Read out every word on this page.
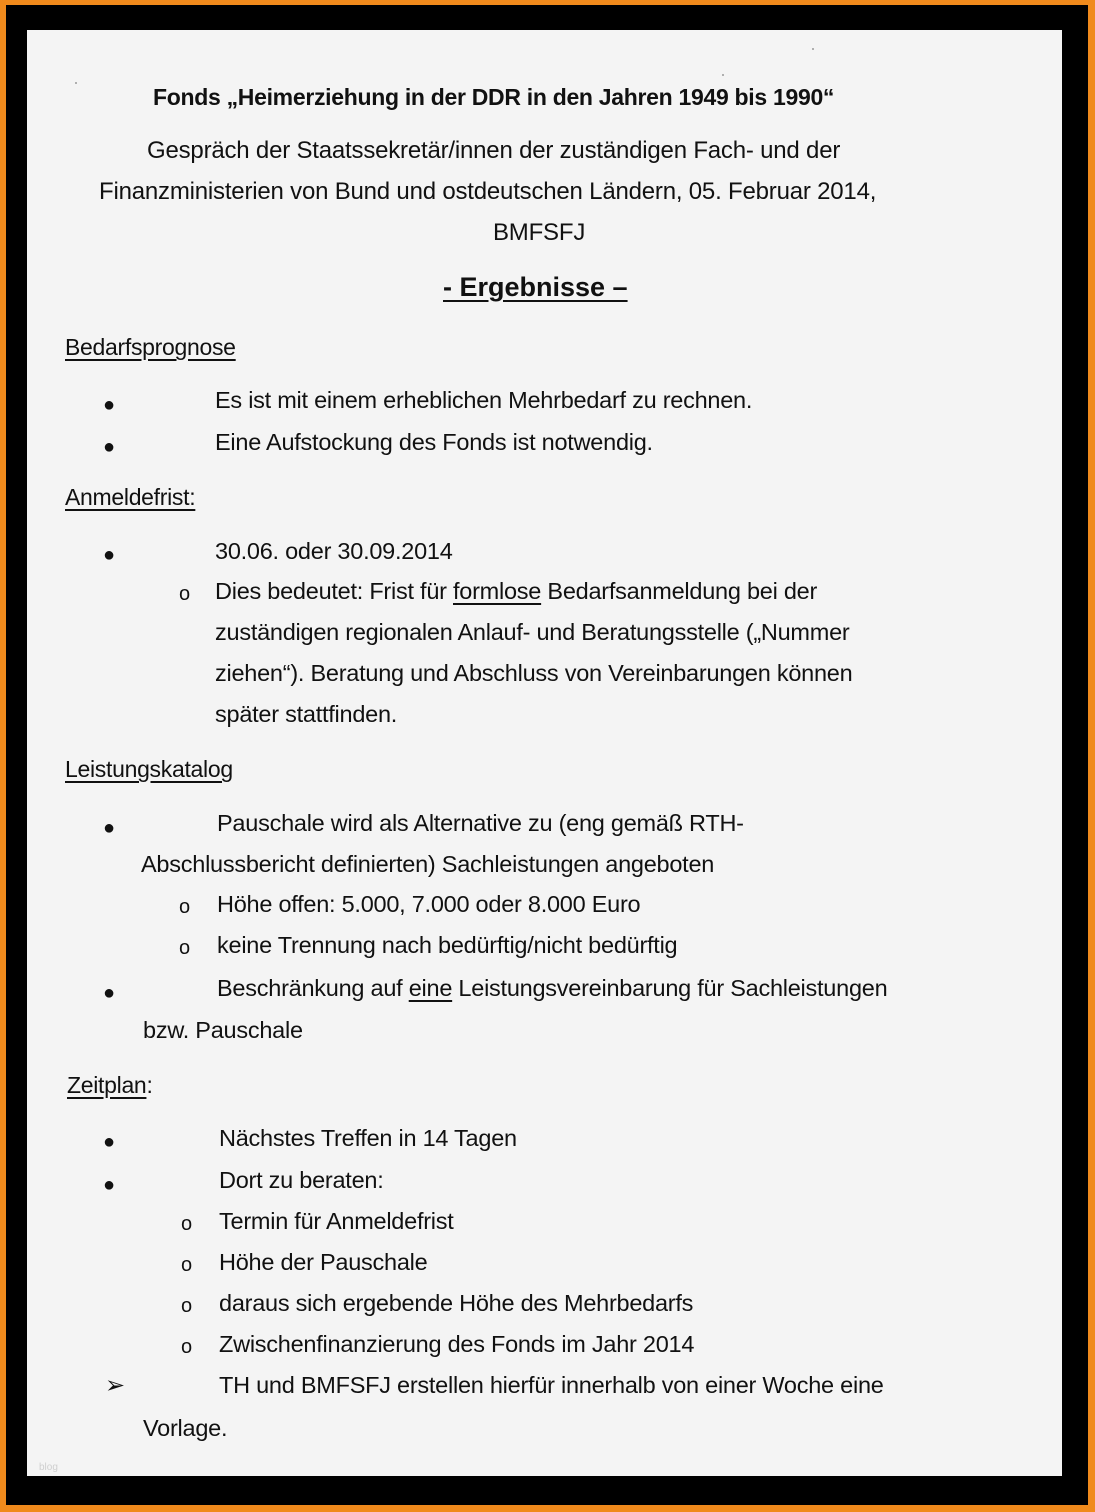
Fonds „Heimerziehung in der DDR in den Jahren 1949 bis 1990“
Gespräch der Staatssekretär/innen der zuständigen Fach- und der
Finanzministerien von Bund und ostdeutschen Ländern, 05. Februar 2014,
BMFSFJ
- Ergebnisse –
Bedarfsprognose
●	Es ist mit einem erheblichen Mehrbedarf zu rechnen.
●	Eine Aufstockung des Fonds ist notwendig.
Anmeldefrist:
●	30.06. oder 30.09.2014
o Dies bedeutet: Frist für formlose Bedarfsanmeldung bei der
zuständigen regionalen Anlauf- und Beratungsstelle („Nummer
ziehen“). Beratung und Abschluss von Vereinbarungen können
später stattfinden.
Leistungskatalog
●	Pauschale wird als Alternative zu (eng gemäß RTH-
Abschlussbericht definierten) Sachleistungen angeboten
o Höhe offen: 5.000, 7.000 oder 8.000 Euro
o keine Trennung nach bedürftig/nicht bedürftig
●	Beschränkung auf eine Leistungsvereinbarung für Sachleistungen
bzw. Pauschale
Zeitplan:
●	Nächstes Treffen in 14 Tagen
●	Dort zu beraten:
o Termin für Anmeldefrist
o Höhe der Pauschale
o daraus sich ergebende Höhe des Mehrbedarfs
o Zwischenfinanzierung des Fonds im Jahr 2014
➢	TH und BMFSFJ erstellen hierfür innerhalb von einer Woche eine
Vorlage.
blog
